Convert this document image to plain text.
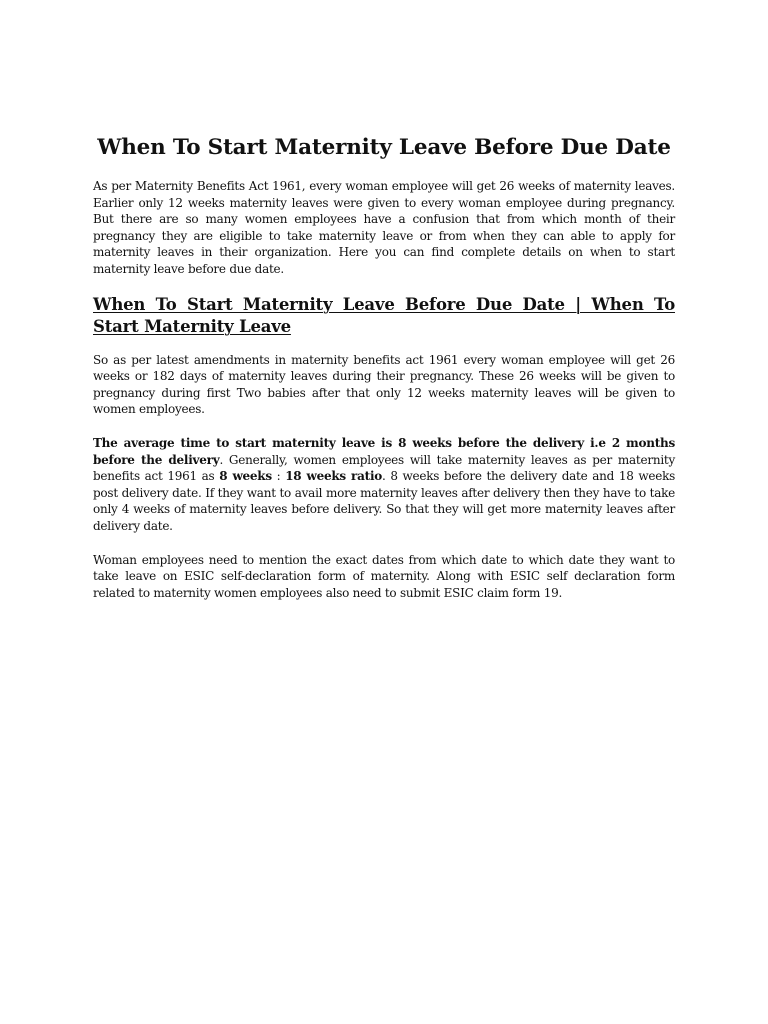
When To Start Maternity Leave Before Due Date

As per Maternity Benefits Act 1961, every woman employee will get 26 weeks of maternity leaves. Earlier only 12 weeks maternity leaves were given to every woman employee during pregnancy. But there are so many women employees have a confusion that from which month of their pregnancy they are eligible to take maternity leave or from when they can able to apply for maternity leaves in their organization. Here you can find complete details on when to start maternity leave before due date.

When To Start Maternity Leave Before Due Date | When To Start Maternity Leave

So as per latest amendments in maternity benefits act 1961 every woman employee will get 26 weeks or 182 days of maternity leaves during their pregnancy. These 26 weeks will be given to pregnancy during first Two babies after that only 12 weeks maternity leaves will be given to women employees.

The average time to start maternity leave is 8 weeks before the delivery i.e 2 months before the delivery. Generally, women employees will take maternity leaves as per maternity benefits act 1961 as 8 weeks : 18 weeks ratio. 8 weeks before the delivery date and 18 weeks post delivery date. If they want to avail more maternity leaves after delivery then they have to take only 4 weeks of maternity leaves before delivery. So that they will get more maternity leaves after delivery date.

Woman employees need to mention the exact dates from which date to which date they want to take leave on ESIC self-declaration form of maternity. Along with ESIC self declaration form related to maternity women employees also need to submit ESIC claim form 19.
